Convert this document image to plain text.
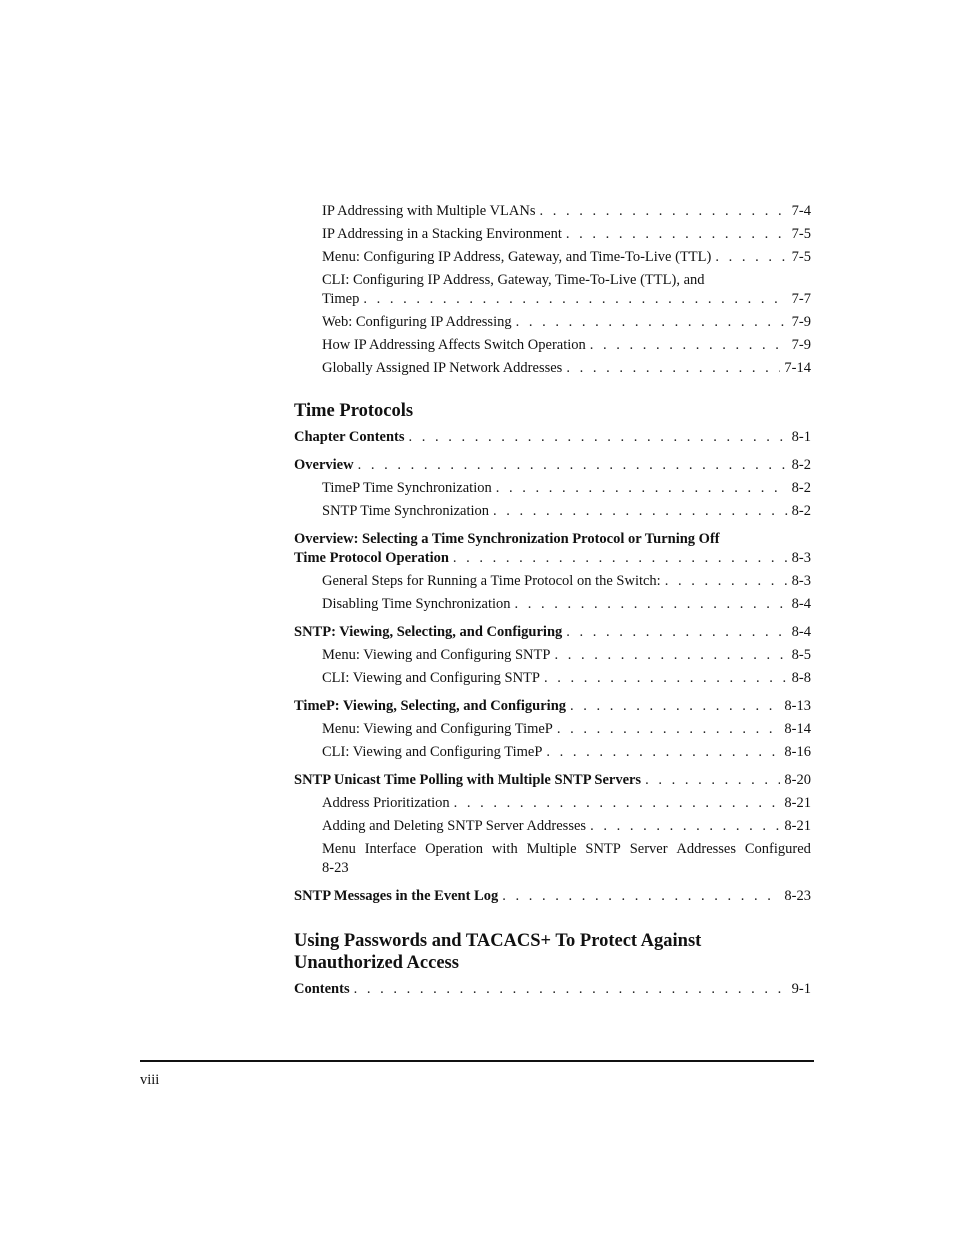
IP Addressing with Multiple VLANs . . .	7-4
IP Addressing in a Stacking Environment . . .	7-5
Menu: Configuring IP Address, Gateway, and Time-To-Live (TTL) . . .	7-5
CLI: Configuring IP Address, Gateway, Time-To-Live (TTL), and
Timep . . .	7-7
Web: Configuring IP Addressing . . .	7-9
How IP Addressing Affects Switch Operation . . .	7-9
Globally Assigned IP Network Addresses . . .	7-14
Time Protocols
Chapter Contents . . .	8-1
Overview . . .	8-2
TimeP Time Synchronization . . .	8-2
SNTP Time Synchronization . . .	8-2
Overview: Selecting a Time Synchronization Protocol or Turning Off
Time Protocol Operation . . .	8-3
General Steps for Running a Time Protocol on the Switch: . . .	8-3
Disabling Time Synchronization . . .	8-4
SNTP: Viewing, Selecting, and Configuring . . .	8-4
Menu: Viewing and Configuring SNTP . . .	8-5
CLI: Viewing and Configuring SNTP . . .	8-8
TimeP: Viewing, Selecting, and Configuring . . .	8-13
Menu: Viewing and Configuring TimeP . . .	8-14
CLI: Viewing and Configuring TimeP . . .	8-16
SNTP Unicast Time Polling with Multiple SNTP Servers . . .	8-20
Address Prioritization . . .	8-21
Adding and Deleting SNTP Server Addresses . . .	8-21
Menu Interface Operation with Multiple SNTP Server Addresses Configured
8-23
SNTP Messages in the Event Log . . .	8-23
Using Passwords and TACACS+ To Protect Against
Unauthorized Access
Contents . . .	9-1
viii
